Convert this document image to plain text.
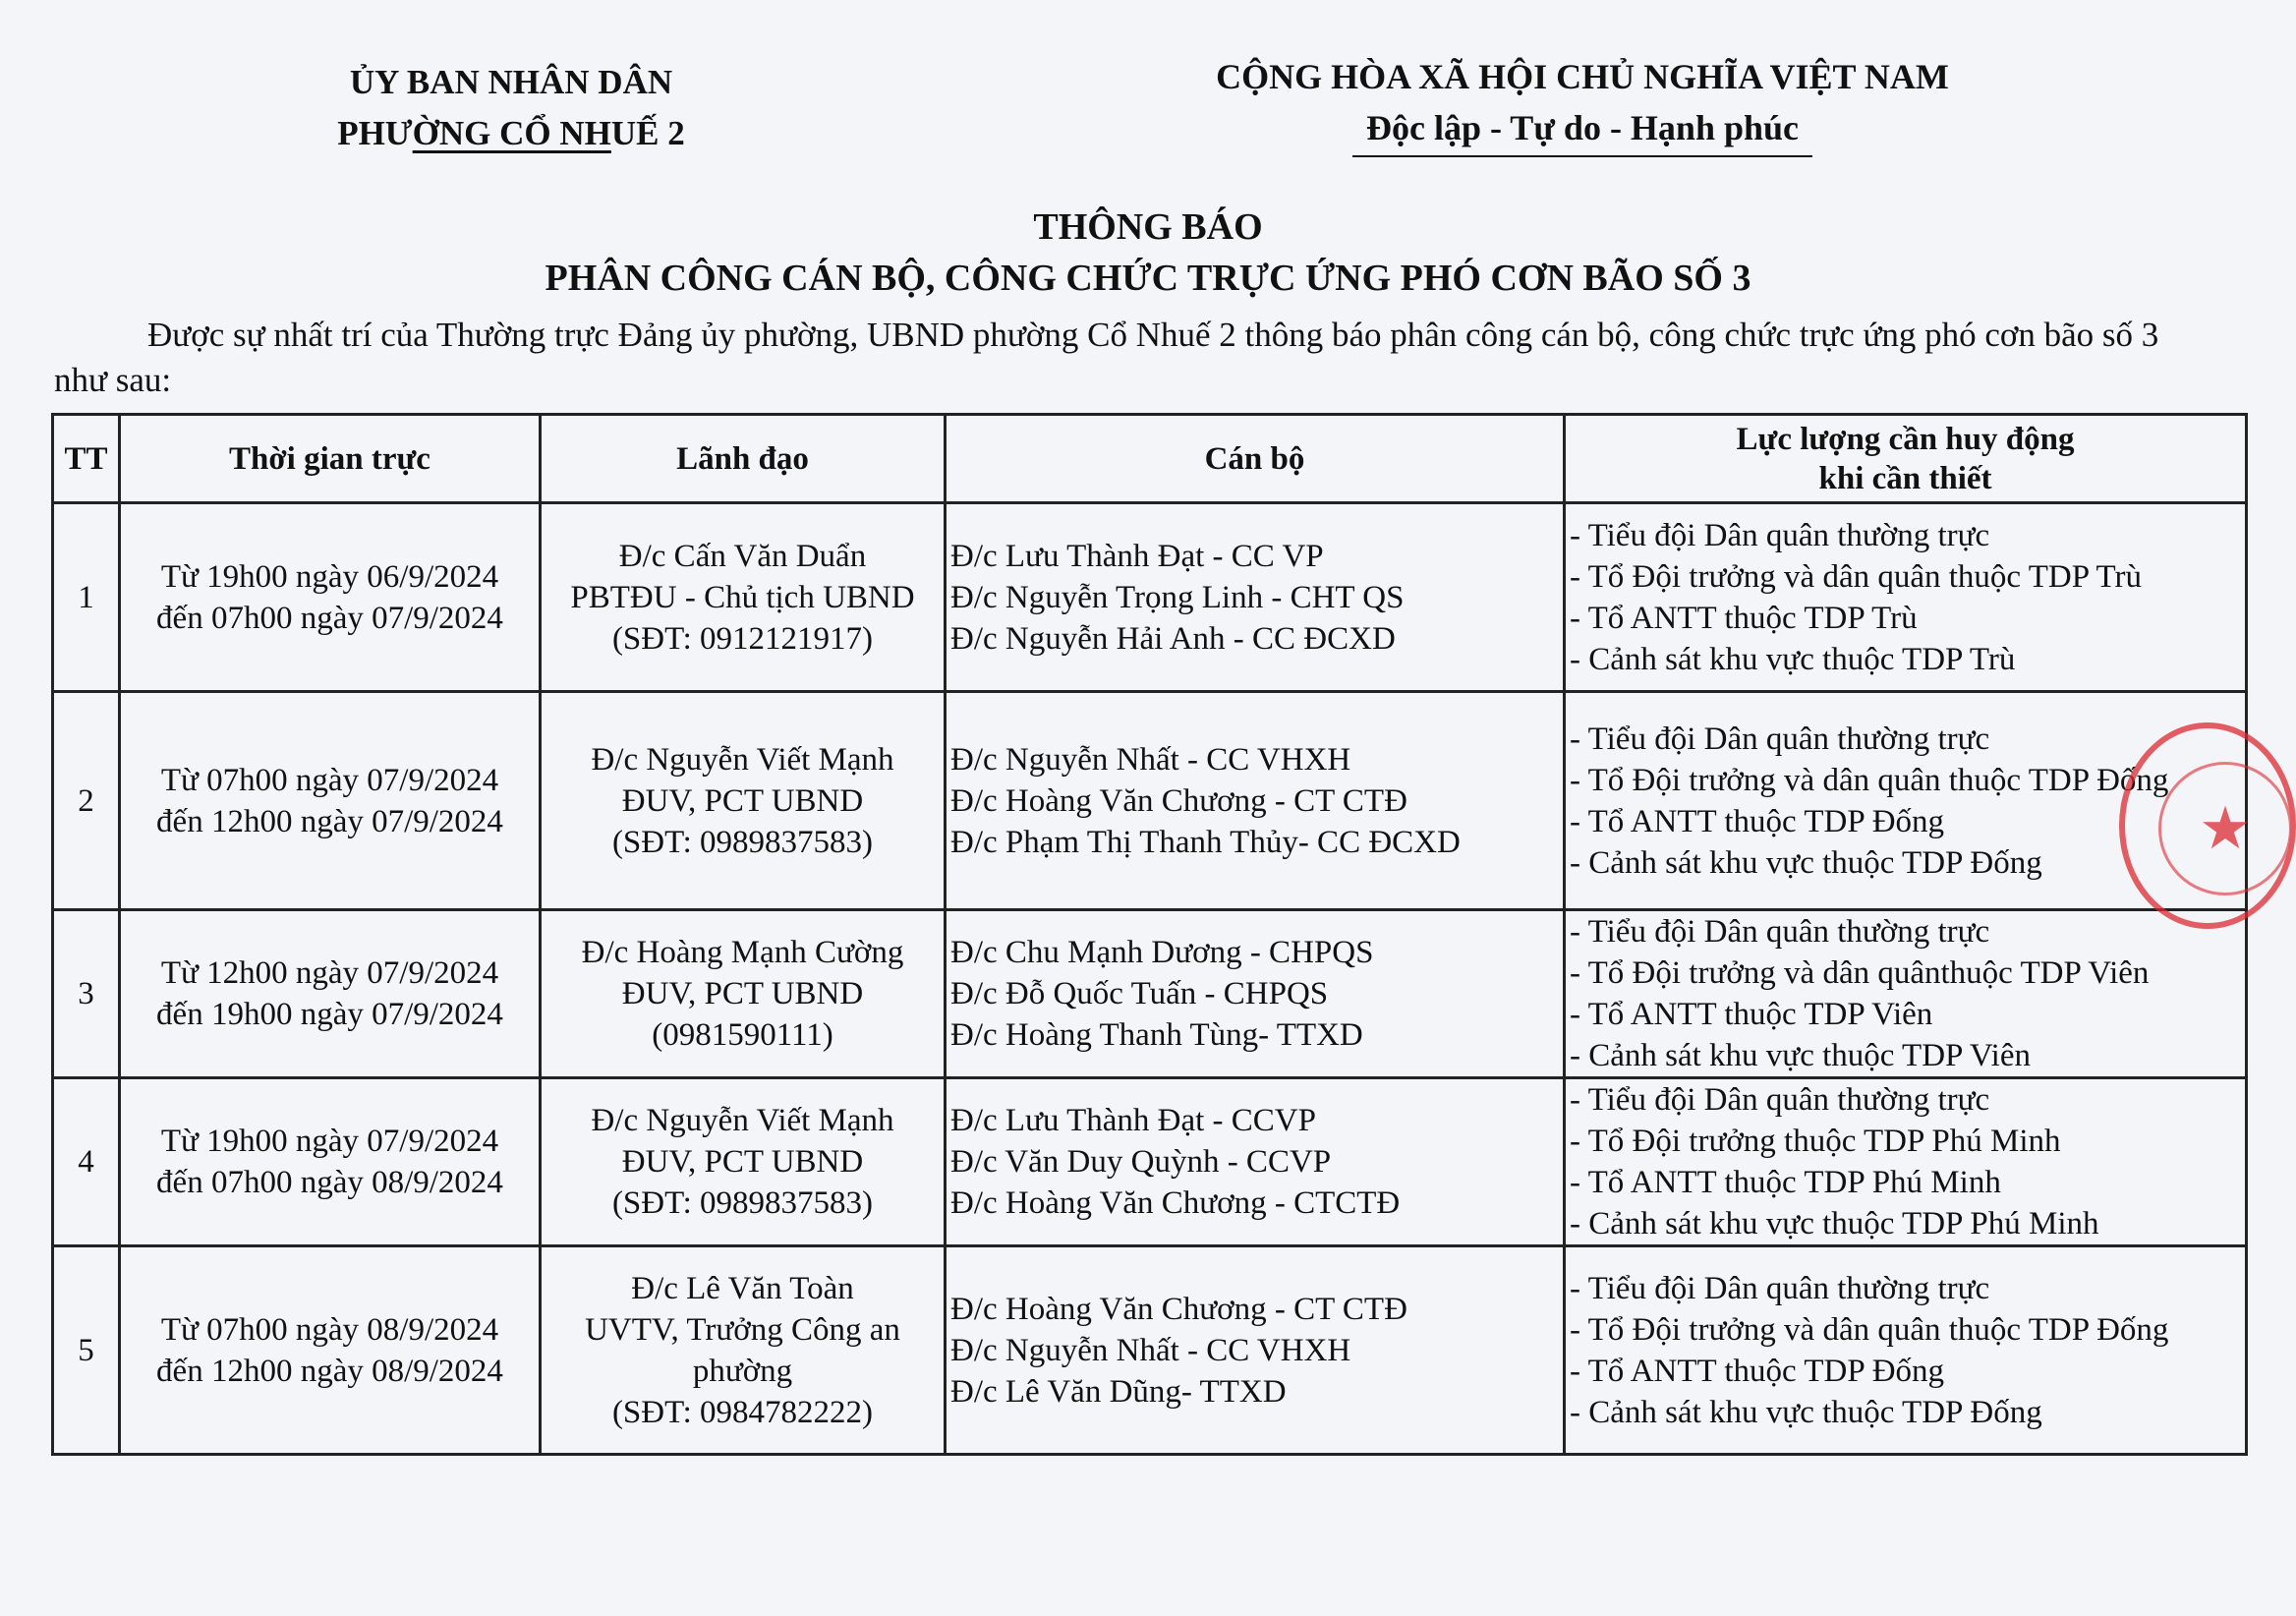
ỦY BAN NHÂN DÂN
PHƯỜNG CỔ NHUẾ 2
CỘNG HÒA XÃ HỘI CHỦ NGHĨA VIỆT NAM
Độc lập - Tự do - Hạnh phúc
THÔNG BÁO
PHÂN CÔNG CÁN BỘ, CÔNG CHỨC TRỰC ỨNG PHÓ CƠN BÃO SỐ 3
Được sự nhất trí của Thường trực Đảng ủy phường, UBND phường Cổ Nhuế 2 thông báo phân công cán bộ, công chức trực ứng phó cơn bão số 3 như sau:
TT	Thời gian trực	Lãnh đạo	Cán bộ	Lực lượng cần huy động
khi cần thiết

1	Từ 19h00 ngày 06/9/2024
đến 07h00 ngày 07/9/2024	Đ/c Cấn Văn Duẩn
PBTĐU - Chủ tịch UBND
(SĐT: 0912121917)	Đ/c Lưu Thành Đạt - CC VP
Đ/c Nguyễn Trọng Linh - CHT QS
Đ/c Nguyễn Hải Anh - CC ĐCXD	- Tiểu đội Dân quân thường trực
- Tổ Đội trưởng và dân quân thuộc TDP Trù
- Tổ ANTT thuộc TDP Trù
- Cảnh sát khu vực thuộc TDP Trù

2	Từ 07h00 ngày 07/9/2024
đến 12h00 ngày 07/9/2024	Đ/c Nguyễn Viết Mạnh
ĐUV, PCT UBND
(SĐT: 0989837583)	Đ/c Nguyễn Nhất - CC VHXH
Đ/c Hoàng Văn Chương - CT CTĐ
Đ/c Phạm Thị Thanh Thủy- CC ĐCXD	- Tiểu đội Dân quân thường trực
- Tổ Đội trưởng và dân quân thuộc TDP Đống
- Tổ ANTT thuộc TDP Đống
- Cảnh sát khu vực thuộc TDP Đống

3	Từ 12h00 ngày 07/9/2024
đến 19h00 ngày 07/9/2024	Đ/c Hoàng Mạnh Cường
ĐUV, PCT UBND
(0981590111)	Đ/c Chu Mạnh Dương - CHPQS
Đ/c Đỗ Quốc Tuấn - CHPQS
Đ/c Hoàng Thanh Tùng- TTXD	- Tiểu đội Dân quân thường trực
- Tổ Đội trưởng và dân quânthuộc TDP Viên
- Tổ ANTT thuộc TDP Viên
- Cảnh sát khu vực thuộc TDP Viên

4	Từ 19h00 ngày 07/9/2024
đến 07h00 ngày 08/9/2024	Đ/c Nguyễn Viết Mạnh
ĐUV, PCT UBND
(SĐT: 0989837583)	Đ/c Lưu Thành Đạt - CCVP
Đ/c Văn Duy Quỳnh - CCVP
Đ/c Hoàng Văn Chương - CTCTĐ	- Tiểu đội Dân quân thường trực
- Tổ Đội trưởng thuộc TDP Phú Minh
- Tổ ANTT thuộc TDP Phú Minh
- Cảnh sát khu vực thuộc TDP Phú Minh

5	Từ 07h00 ngày 08/9/2024
đến 12h00 ngày 08/9/2024	Đ/c Lê Văn Toàn
UVTV, Trưởng Công an
phường
(SĐT: 0984782222)	Đ/c Hoàng Văn Chương - CT CTĐ
Đ/c Nguyễn Nhất - CC VHXH
Đ/c Lê Văn Dũng- TTXD	- Tiểu đội Dân quân thường trực
- Tổ Đội trưởng và dân quân thuộc TDP Đống
- Tổ ANTT thuộc TDP Đống
- Cảnh sát khu vực thuộc TDP Đống
★
